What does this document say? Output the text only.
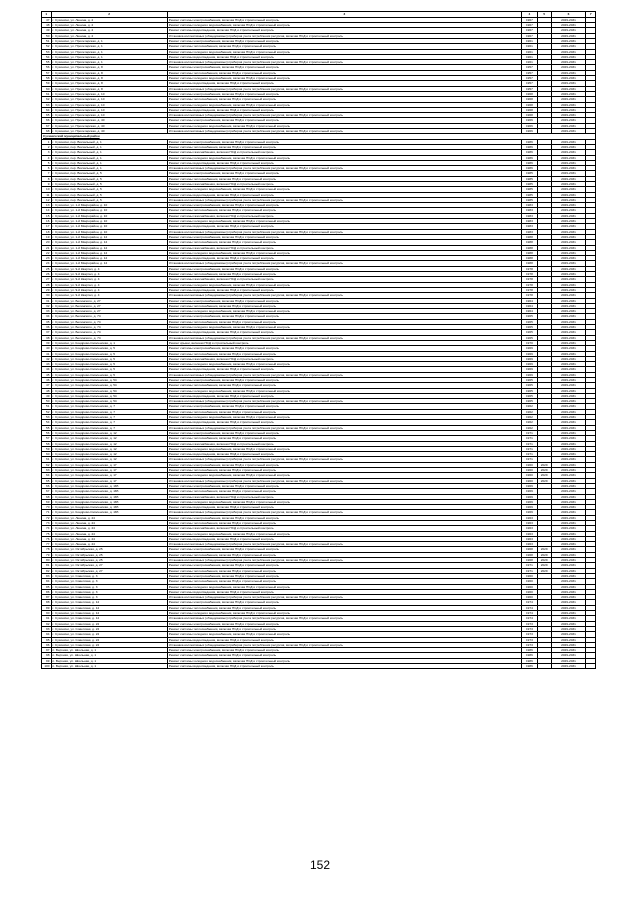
1	2	3	4	5	6	7
47	г. Сухиничи, ул. Ленина, д. 4	Ремонт системы электроснабжения, включая ПСД и строительный контроль	1967		2029-2031	
48	г. Сухиничи, ул. Ленина, д. 4	Ремонт системы холодного водоснабжения, включая ПСД и строительный контроль	1967		2029-2031	
49	г. Сухиничи, ул. Ленина, д. 4	Ремонт системы водоотведения, включая ПСД и строительный контроль	1967		2029-2031	
50	г. Сухиничи, ул. Ленина, д. 4	Установка коллективных (общедомовых) приборов учета потребления ресурсов, включая ПСД и строительный контроль	1967		2029-2031	
51	г. Сухиничи, ул. Пролетарская, д. 1	Ремонт системы электроснабжения, включая ПСД и строительный контроль	1961		2029-2031	
52	г. Сухиничи, ул. Пролетарская, д. 1	Ремонт системы теплоснабжения, включая ПСД и строительный контроль	1961		2029-2031	
53	г. Сухиничи, ул. Пролетарская, д. 1	Ремонт системы холодного водоснабжения, включая ПСД и строительный контроль	1961		2029-2031	
54	г. Сухиничи, ул. Пролетарская, д. 1	Ремонт системы водоотведения, включая ПСД и строительный контроль	1961		2029-2031	
55	г. Сухиничи, ул. Пролетарская, д. 1	Установка коллективных (общедомовых) приборов учета потребления ресурсов, включая ПСД и строительный контроль	1961		2029-2031	
56	г. Сухиничи, ул. Пролетарская, д. 8	Ремонт системы электроснабжения, включая ПСД и строительный контроль	1957		2029-2031	
57	г. Сухиничи, ул. Пролетарская, д. 8	Ремонт системы теплоснабжения, включая ПСД и строительный контроль	1957		2029-2031	
58	г. Сухиничи, ул. Пролетарская, д. 8	Ремонт системы холодного водоснабжения, включая ПСД и строительный контроль	1957		2029-2031	
59	г. Сухиничи, ул. Пролетарская, д. 8	Ремонт системы водоотведения, включая ПСД и строительный контроль	1957		2029-2031	
60	г. Сухиничи, ул. Пролетарская, д. 8	Установка коллективных (общедомовых) приборов учета потребления ресурсов, включая ПСД и строительный контроль	1957		2029-2031	
61	г. Сухиничи, ул. Пролетарская, д. 10	Ремонт системы электроснабжения, включая ПСД и строительный контроль	1968		2029-2031	
62	г. Сухиничи, ул. Пролетарская, д. 10	Ремонт системы теплоснабжения, включая ПСД и строительный контроль	1968		2029-2031	
63	г. Сухиничи, ул. Пролетарская, д. 10	Ремонт системы холодного водоснабжения, включая ПСД и строительный контроль	1968		2029-2031	
64	г. Сухиничи, ул. Пролетарская, д. 10	Ремонт системы водоотведения, включая ПСД и строительный контроль	1968		2029-2031	
65	г. Сухиничи, ул. Пролетарская, д. 10	Установка коллективных (общедомовых) приборов учета потребления ресурсов, включая ПСД и строительный контроль	1968		2029-2031	
66	г. Сухиничи, ул. Пролетарская, д. 40	Ремонт системы электроснабжения, включая ПСД и строительный контроль	1966		2029-2031	
67	г. Сухиничи, ул. Пролетарская, д. 40	Ремонт системы холодного водоснабжения, включая ПСД и строительный контроль	1966		2029-2031	
68	г. Сухиничи, ул. Пролетарская, д. 40	Установка коллективных (общедомовых) приборов учета потребления ресурсов, включая ПСД и строительный контроль	1966		2029-2031	
Сухиничский муниципальный район						
1	г. Сухиничи, пер. Вокзальный, д. 1	Ремонт системы электроснабжения, включая ПСД и строительный контроль	1986		2029-2031	
2	г. Сухиничи, пер. Вокзальный, д. 1	Ремонт системы теплоснабжения, включая ПСД и строительный контроль	1986		2029-2031	
3	г. Сухиничи, пер. Вокзальный, д. 1	Ремонт системы газоснабжения, включая ПСД и строительный контроль	1986		2029-2031	
4	г. Сухиничи, пер. Вокзальный, д. 1	Ремонт системы холодного водоснабжения, включая ПСД и строительный контроль	1986		2029-2031	
5	г. Сухиничи, пер. Вокзальный, д. 1	Ремонт системы водоотведения, включая ПСД и строительный контроль	1986		2029-2031	
6	г. Сухиничи, пер. Вокзальный, д. 1	Установка коллективных (общедомовых) приборов учета потребления ресурсов, включая ПСД и строительный контроль	1986		2029-2031	
7	г. Сухиничи, пер. Вокзальный, д. 5	Ремонт системы электроснабжения, включая ПСД и строительный контроль	1985		2029-2031	
8	г. Сухиничи, пер. Вокзальный, д. 5	Ремонт системы теплоснабжения, включая ПСД и строительный контроль	1985		2029-2031	
9	г. Сухиничи, пер. Вокзальный, д. 5	Ремонт системы газоснабжения, включая ПСД и строительный контроль	1985		2029-2031	
10	г. Сухиничи, пер. Вокзальный, д. 5	Ремонт системы холодного водоснабжения, включая ПСД и строительный контроль	1985		2029-2031	
11	г. Сухиничи, пер. Вокзальный, д. 5	Ремонт системы водоотведения, включая ПСД и строительный контроль	1985		2029-2031	
12	г. Сухиничи, пер. Вокзальный, д. 5	Установка коллективных (общедомовых) приборов учета потребления ресурсов, включая ПСД и строительный контроль	1985		2029-2031	
13	г. Сухиничи, ул. 1-й Микрорайон, д. 10	Ремонт системы электроснабжения, включая ПСД и строительный контроль	1983		2029-2031	
14	г. Сухиничи, ул. 1-й Микрорайон, д. 10	Ремонт системы теплоснабжения, включая ПСД и строительный контроль	1983		2029-2031	
15	г. Сухиничи, ул. 1-й Микрорайон, д. 10	Ремонт системы газоснабжения, включая ПСД и строительный контроль	1983		2029-2031	
16	г. Сухиничи, ул. 1-й Микрорайон, д. 10	Ремонт системы холодного водоснабжения, включая ПСД и строительный контроль	1983		2029-2031	
17	г. Сухиничи, ул. 1-й Микрорайон, д. 10	Ремонт системы водоотведения, включая ПСД и строительный контроль	1983		2029-2031	
18	г. Сухиничи, ул. 1-й Микрорайон, д. 10	Установка коллективных (общедомовых) приборов учета потребления ресурсов, включая ПСД и строительный контроль	1983		2029-2031	
19	г. Сухиничи, ул. 1-й Микрорайон, д. 12	Ремонт системы электроснабжения, включая ПСД и строительный контроль	1988		2029-2031	
20	г. Сухиничи, ул. 1-й Микрорайон, д. 12	Ремонт системы теплоснабжения, включая ПСД и строительный контроль	1988		2029-2031	
21	г. Сухиничи, ул. 1-й Микрорайон, д. 12	Ремонт системы газоснабжения, включая ПСД и строительный контроль	1988		2029-2031	
22	г. Сухиничи, ул. 1-й Микрорайон, д. 12	Ремонт системы холодного водоснабжения, включая ПСД и строительный контроль	1988		2029-2031	
23	г. Сухиничи, ул. 1-й Микрорайон, д. 12	Ремонт системы водоотведения, включая ПСД и строительный контроль	1988		2029-2031	
24	г. Сухиничи, ул. 1-й Микрорайон, д. 12	Установка коллективных (общедомовых) приборов учета потребления ресурсов, включая ПСД и строительный контроль	1988		2029-2031	
25	г. Сухиничи, ул. 9-й Квартал, д. 4	Ремонт системы электроснабжения, включая ПСД и строительный контроль	1978		2029-2031	
26	г. Сухиничи, ул. 9-й Квартал, д. 4	Ремонт системы теплоснабжения, включая ПСД и строительный контроль	1978		2029-2031	
27	г. Сухиничи, ул. 9-й Квартал, д. 4	Ремонт системы газоснабжения, включая ПСД и строительный контроль	1978		2029-2031	
28	г. Сухиничи, ул. 9-й Квартал, д. 4	Ремонт системы холодного водоснабжения, включая ПСД и строительный контроль	1978		2029-2031	
29	г. Сухиничи, ул. 9-й Квартал, д. 4	Ремонт системы водоотведения, включая ПСД и строительный контроль	1978		2029-2031	
30	г. Сухиничи, ул. 9-й Квартал, д. 4	Установка коллективных (общедомовых) приборов учета потребления ресурсов, включая ПСД и строительный контроль	1978		2029-2031	
31	г. Сухиничи, ул. Белинского, д. 27	Ремонт системы электроснабжения, включая ПСД и строительный контроль	1964		2029-2031	
32	г. Сухиничи, ул. Белинского, д. 27	Ремонт системы теплоснабжения, включая ПСД и строительный контроль	1964		2029-2031	
33	г. Сухиничи, ул. Белинского, д. 27	Ремонт системы холодного водоснабжения, включая ПСД и строительный контроль	1964		2029-2031	
34	г. Сухиничи, ул. Белинского, д. 74	Ремонт системы электроснабжения, включая ПСД и строительный контроль	1965		2029-2031	
35	г. Сухиничи, ул. Белинского, д. 74	Ремонт системы теплоснабжения, включая ПСД и строительный контроль	1965		2029-2031	
36	г. Сухиничи, ул. Белинского, д. 74	Ремонт системы холодного водоснабжения, включая ПСД и строительный контроль	1965		2029-2031	
37	г. Сухиничи, ул. Белинского, д. 74	Ремонт системы водоотведения, включая ПСД и строительный контроль	1965		2029-2031	
38	г. Сухиничи, ул. Белинского, д. 74	Установка коллективных (общедомовых) приборов учета потребления ресурсов, включая ПСД и строительный контроль	1965		2029-2031	
39	г. Сухиничи, ул. Кондрово-Смоленская, д. 1	Ремонт крыши, включая ПСД и строительный контроль	1970		2029-2031	
40	г. Сухиничи, ул. Кондрово-Смоленская, д. 5	Ремонт системы электроснабжения, включая ПСД и строительный контроль	1969		2029-2031	
41	г. Сухиничи, ул. Кондрово-Смоленская, д. 5	Ремонт системы теплоснабжения, включая ПСД и строительный контроль	1969		2029-2031	
42	г. Сухиничи, ул. Кондрово-Смоленская, д. 5	Ремонт системы газоснабжения, включая ПСД и строительный контроль	1969		2029-2031	
43	г. Сухиничи, ул. Кондрово-Смоленская, д. 5	Ремонт системы холодного водоснабжения, включая ПСД и строительный контроль	1969		2029-2031	
44	г. Сухиничи, ул. Кондрово-Смоленская, д. 5	Ремонт системы водоотведения, включая ПСД и строительный контроль	1969		2029-2031	
45	г. Сухиничи, ул. Кондрово-Смоленская, д. 5	Установка коллективных (общедомовых) приборов учета потребления ресурсов, включая ПСД и строительный контроль	1969		2029-2031	
46	г. Сухиничи, ул. Кондрово-Смоленская, д. 54	Ремонт системы электроснабжения, включая ПСД и строительный контроль	1965		2029-2031	
47	г. Сухиничи, ул. Кондрово-Смоленская, д. 54	Ремонт системы теплоснабжения, включая ПСД и строительный контроль	1965		2029-2031	
48	г. Сухиничи, ул. Кондрово-Смоленская, д. 54	Ремонт системы холодного водоснабжения, включая ПСД и строительный контроль	1965		2029-2031	
49	г. Сухиничи, ул. Кондрово-Смоленская, д. 54	Ремонт системы водоотведения, включая ПСД и строительный контроль	1965		2029-2031	
50	г. Сухиничи, ул. Кондрово-Смоленская, д. 54	Установка коллективных (общедомовых) приборов учета потребления ресурсов, включая ПСД и строительный контроль	1965		2029-2031	
51	г. Сухиничи, ул. Кондрово-Смоленская, д. 7	Ремонт системы электроснабжения, включая ПСД и строительный контроль	1962		2029-2031	
52	г. Сухиничи, ул. Кондрово-Смоленская, д. 7	Ремонт системы теплоснабжения, включая ПСД и строительный контроль	1962		2029-2031	
53	г. Сухиничи, ул. Кондрово-Смоленская, д. 7	Ремонт системы холодного водоснабжения, включая ПСД и строительный контроль	1962		2029-2031	
54	г. Сухиничи, ул. Кондрово-Смоленская, д. 7	Ремонт системы водоотведения, включая ПСД и строительный контроль	1962		2029-2031	
55	г. Сухиничи, ул. Кондрово-Смоленская, д. 7	Установка коллективных (общедомовых) приборов учета потребления ресурсов, включая ПСД и строительный контроль	1962		2029-2031	
56	г. Сухиничи, ул. Кондрово-Смоленская, д. 12	Ремонт системы электроснабжения, включая ПСД и строительный контроль	1971		2029-2031	
57	г. Сухиничи, ул. Кондрово-Смоленская, д. 12	Ремонт системы теплоснабжения, включая ПСД и строительный контроль	1971		2029-2031	
58	г. Сухиничи, ул. Кондрово-Смоленская, д. 12	Ремонт системы газоснабжения, включая ПСД и строительный контроль	1971		2029-2031	
59	г. Сухиничи, ул. Кондрово-Смоленская, д. 12	Ремонт системы холодного водоснабжения, включая ПСД и строительный контроль	1971		2029-2031	
60	г. Сухиничи, ул. Кондрово-Смоленская, д. 12	Ремонт системы водоотведения, включая ПСД и строительный контроль	1971		2029-2031	
61	г. Сухиничи, ул. Кондрово-Смоленская, д. 12	Установка коллективных (общедомовых) приборов учета потребления ресурсов, включая ПСД и строительный контроль	1971		2029-2031	
62	г. Сухиничи, ул. Кондрово-Смоленская, д. 17	Ремонт системы электроснабжения, включая ПСД и строительный контроль	1960	2029	2029-2031	
63	г. Сухиничи, ул. Кондрово-Смоленская, д. 17	Ремонт системы теплоснабжения, включая ПСД и строительный контроль	1960	2029	2029-2031	
64	г. Сухиничи, ул. Кондрово-Смоленская, д. 17	Ремонт системы холодного водоснабжения, включая ПСД и строительный контроль	1960	2029	2029-2031	
65	г. Сухиничи, ул. Кондрово-Смоленская, д. 17	Установка коллективных (общедомовых) приборов учета потребления ресурсов, включая ПСД и строительный контроль	1960	2029	2029-2031	
66	г. Сухиничи, ул. Кондрово-Смоленская, д. 18б	Ремонт системы электроснабжения, включая ПСД и строительный контроль	1969		2029-2031	
67	г. Сухиничи, ул. Кондрово-Смоленская, д. 18б	Ремонт системы теплоснабжения, включая ПСД и строительный контроль	1969		2029-2031	
68	г. Сухиничи, ул. Кондрово-Смоленская, д. 18б	Ремонт системы газоснабжения, включая ПСД и строительный контроль	1969		2029-2031	
69	г. Сухиничи, ул. Кондрово-Смоленская, д. 18б	Ремонт системы холодного водоснабжения, включая ПСД и строительный контроль	1969		2029-2031	
70	г. Сухиничи, ул. Кондрово-Смоленская, д. 18б	Ремонт системы водоотведения, включая ПСД и строительный контроль	1969		2029-2031	
71	г. Сухиничи, ул. Кондрово-Смоленская, д. 18б	Установка коллективных (общедомовых) приборов учета потребления ресурсов, включая ПСД и строительный контроль	1969		2029-2031	
72	г. Сухиничи, ул. Ленина, д. 44	Ремонт системы электроснабжения, включая ПСД и строительный контроль	1963		2029-2031	
73	г. Сухиничи, ул. Ленина, д. 44	Ремонт системы теплоснабжения, включая ПСД и строительный контроль	1963		2029-2031	
74	г. Сухиничи, ул. Ленина, д. 44	Ремонт системы газоснабжения, включая ПСД и строительный контроль	1963		2029-2031	
75	г. Сухиничи, ул. Ленина, д. 44	Ремонт системы холодного водоснабжения, включая ПСД и строительный контроль	1963		2029-2031	
76	г. Сухиничи, ул. Ленина, д. 44	Ремонт системы водоотведения, включая ПСД и строительный контроль	1963		2029-2031	
77	г. Сухиничи, ул. Ленина, д. 44	Установка коллективных (общедомовых) приборов учета потребления ресурсов, включая ПСД и строительный контроль	1963		2029-2031	
78	г. Сухиничи, ул. Октябрьская, д. 25	Ремонт системы электроснабжения, включая ПСД и строительный контроль	1968	2029	2029-2031	
79	г. Сухиничи, ул. Октябрьская, д. 25	Ремонт системы теплоснабжения, включая ПСД и строительный контроль	1968	2029	2029-2031	
80	г. Сухиничи, ул. Октябрьская, д. 25	Установка коллективных (общедомовых) приборов учета потребления ресурсов, включая ПСД и строительный контроль	1968	2029	2029-2031	
81	г. Сухиничи, ул. Октябрьская, д. 27	Ремонт системы электроснабжения, включая ПСД и строительный контроль	1971	2029	2029-2031	
82	г. Сухиничи, ул. Октябрьская, д. 27	Ремонт системы теплоснабжения, включая ПСД и строительный контроль	1971	2029	2029-2031	
83	г. Сухиничи, ул. Советская, д. 3	Ремонт системы электроснабжения, включая ПСД и строительный контроль	1960		2029-2031	
84	г. Сухиничи, ул. Советская, д. 3	Ремонт системы теплоснабжения, включая ПСД и строительный контроль	1960		2029-2031	
85	г. Сухиничи, ул. Советская, д. 3	Ремонт системы холодного водоснабжения, включая ПСД и строительный контроль	1960		2029-2031	
86	г. Сухиничи, ул. Советская, д. 3	Ремонт системы водоотведения, включая ПСД и строительный контроль	1960		2029-2031	
87	г. Сухиничи, ул. Советская, д. 3	Установка коллективных (общедомовых) приборов учета потребления ресурсов, включая ПСД и строительный контроль	1960		2029-2031	
88	г. Сухиничи, ул. Советская, д. 14	Ремонт системы электроснабжения, включая ПСД и строительный контроль	1974		2029-2031	
89	г. Сухиничи, ул. Советская, д. 14	Ремонт системы теплоснабжения, включая ПСД и строительный контроль	1974		2029-2031	
90	г. Сухиничи, ул. Советская, д. 14	Ремонт системы холодного водоснабжения, включая ПСД и строительный контроль	1974		2029-2031	
91	г. Сухиничи, ул. Советская, д. 14	Установка коллективных (общедомовых) приборов учета потребления ресурсов, включая ПСД и строительный контроль	1974		2029-2031	
92	г. Сухиничи, ул. Советская, д. 24	Ремонт системы электроснабжения, включая ПСД и строительный контроль	1973		2029-2031	
93	г. Сухиничи, ул. Советская, д. 24	Ремонт системы теплоснабжения, включая ПСД и строительный контроль	1973		2029-2031	
94	г. Сухиничи, ул. Советская, д. 24	Ремонт системы холодного водоснабжения, включая ПСД и строительный контроль	1973		2029-2031	
95	г. Сухиничи, ул. Советская, д. 24	Ремонт системы водоотведения, включая ПСД и строительный контроль	1973		2029-2031	
96	г. Сухиничи, ул. Советская, д. 24	Установка коллективных (общедомовых) приборов учета потребления ресурсов, включая ПСД и строительный контроль	1973		2029-2031	
97	п. Верхняя, ул. Школьная, д. 1	Ремонт системы электроснабжения, включая ПСД и строительный контроль	1986		2029-2031	
98	п. Верхняя, ул. Школьная, д. 1	Ремонт системы теплоснабжения, включая ПСД и строительный контроль	1986		2029-2031	
99	п. Верхняя, ул. Школьная, д. 1	Ремонт системы холодного водоснабжения, включая ПСД и строительный контроль	1986		2029-2031	
100	п. Верхняя, ул. Школьная, д. 1	Ремонт системы водоотведения, включая ПСД и строительный контроль	1986		2029-2031	
152
